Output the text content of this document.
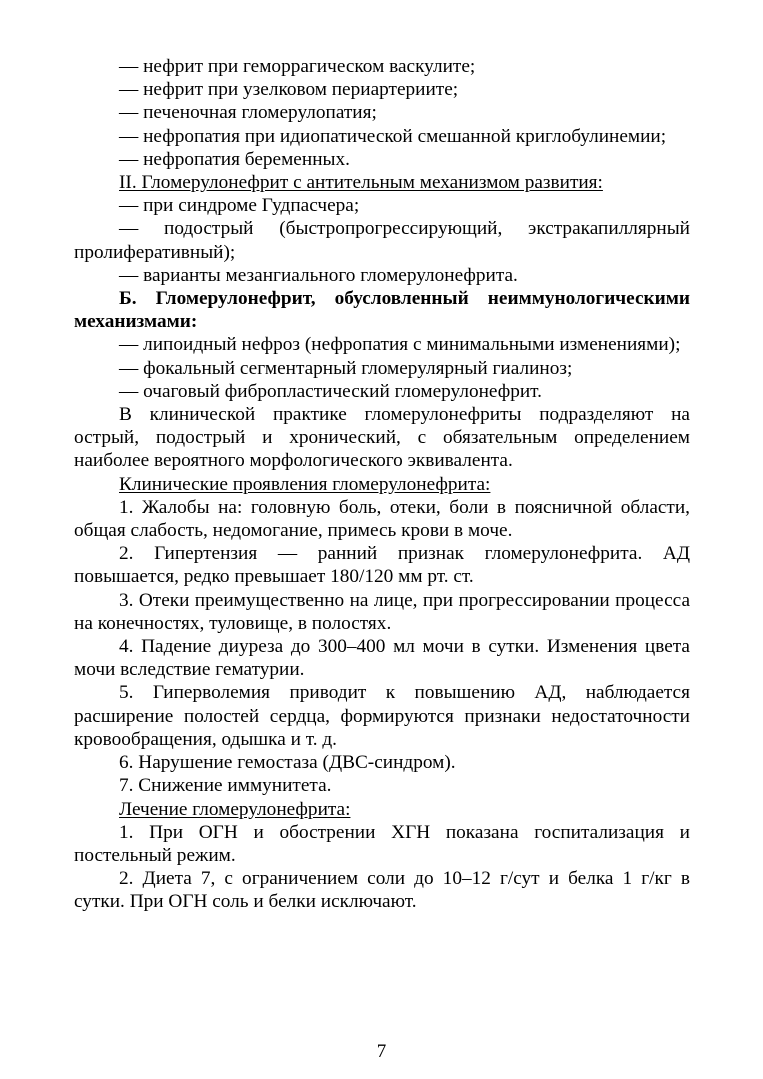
— нефрит при геморрагическом васкулите;

— нефрит при узелковом периартериите;

— печеночная гломерулопатия;

— нефропатия при идиопатической смешанной криглобулинемии;

— нефропатия беременных.

II. Гломерулонефрит с антительным механизмом развития:

— при синдроме Гудпасчера;

— подострый (быстропрогрессирующий, экстракапиллярный пролиферативный);

— варианты мезангиального гломерулонефрита.

Б. Гломерулонефрит, обусловленный неиммунологическими механизмами:

— липоидный нефроз (нефропатия с минимальными изменениями);

— фокальный сегментарный гломерулярный гиалиноз;

— очаговый фибропластический гломерулонефрит.

В клинической практике гломерулонефриты подразделяют на острый, подострый и хронический, с обязательным определением наиболее вероятного морфологического эквивалента.

Клинические проявления гломерулонефрита:

1. Жалобы на: головную боль, отеки, боли в поясничной области, общая слабость, недомогание, примесь крови в моче.

2. Гипертензия — ранний признак гломерулонефрита. АД повышается, редко превышает 180/120 мм рт. ст.

3. Отеки преимущественно на лице, при прогрессировании процесса на конечностях, туловище, в полостях.

4. Падение диуреза до 300–400 мл мочи в сутки. Изменения цвета мочи вследствие гематурии.

5. Гиперволемия приводит к повышению АД, наблюдается расширение полостей сердца, формируются признаки недостаточности кровообращения, одышка и т. д.

6. Нарушение гемостаза (ДВС-синдром).

7. Снижение иммунитета.

Лечение гломерулонефрита:

1. При ОГН и обострении ХГН показана госпитализация и постельный режим.

2. Диета 7, с ограничением соли до 10–12 г/сут и белка 1 г/кг в сутки. При ОГН соль и белки исключают.

7
